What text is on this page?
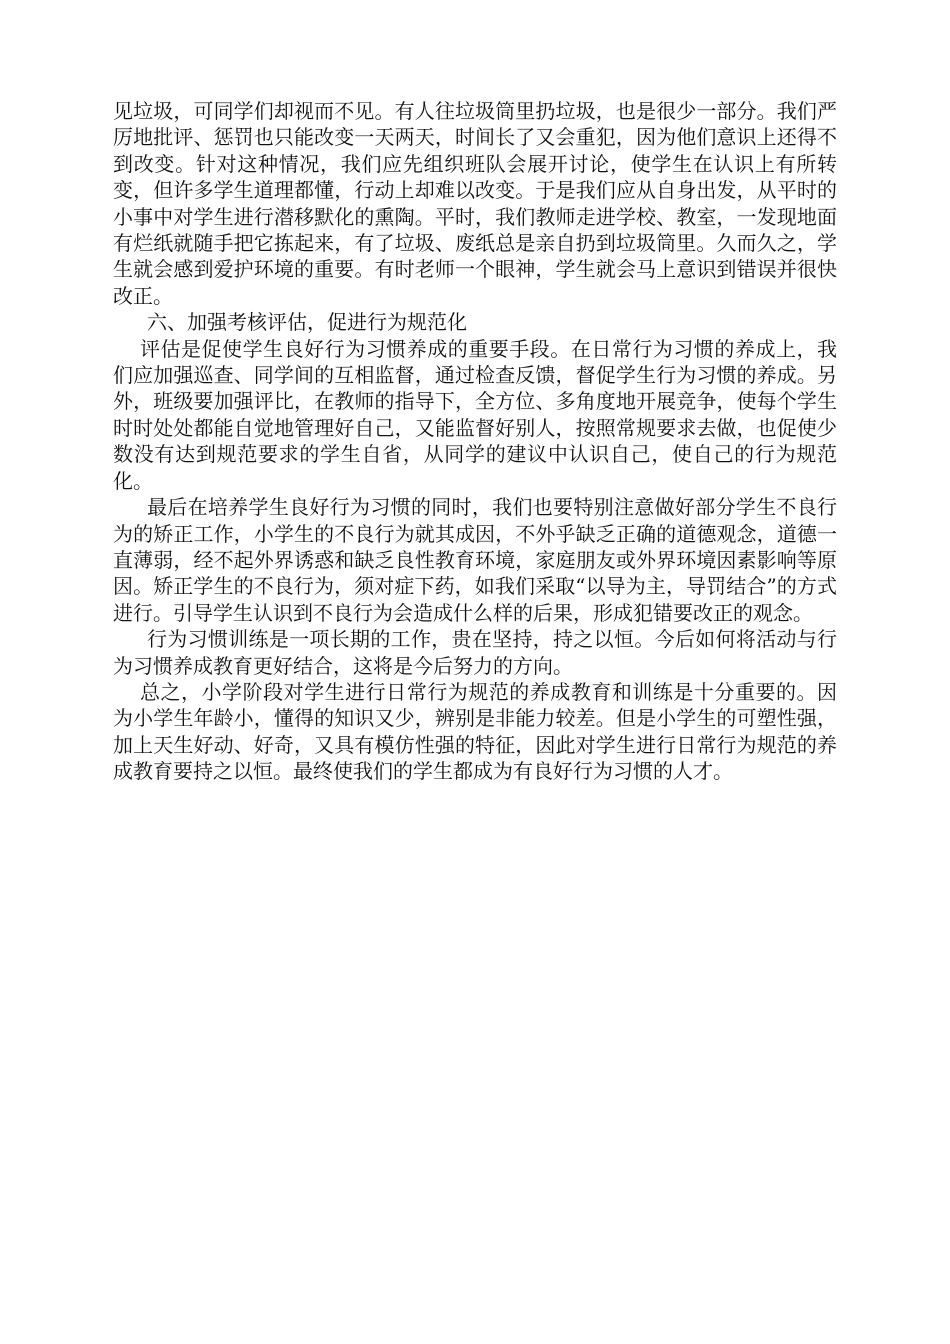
见垃圾，可同学们却视而不见。有人往垃圾筒里扔垃圾，也是很少一部分。我们严厉地批评、惩罚也只能改变一天两天，时间长了又会重犯，因为他们意识上还得不到改变。针对这种情况，我们应先组织班队会展开讨论，使学生在认识上有所转变，但许多学生道理都懂，行动上却难以改变。于是我们应从自身出发，从平时的小事中对学生进行潜移默化的熏陶。平时，我们教师走进学校、教室，一发现地面有烂纸就随手把它拣起来，有了垃圾、废纸总是亲自扔到垃圾筒里。久而久之，学生就会感到爱护环境的重要。有时老师一个眼神，学生就会马上意识到错误并很快改正。

六、加强考核评估，促进行为规范化

评估是促使学生良好行为习惯养成的重要手段。在日常行为习惯的养成上，我们应加强巡查、同学间的互相监督，通过检查反馈，督促学生行为习惯的养成。另外，班级要加强评比，在教师的指导下，全方位、多角度地开展竞争，使每个学生时时处处都能自觉地管理好自己，又能监督好别人，按照常规要求去做，也促使少数没有达到规范要求的学生自省，从同学的建议中认识自己，使自己的行为规范化。

最后在培养学生良好行为习惯的同时，我们也要特别注意做好部分学生不良行为的矫正工作，小学生的不良行为就其成因，不外乎缺乏正确的道德观念，道德一直薄弱，经不起外界诱惑和缺乏良性教育环境，家庭朋友或外界环境因素影响等原因。矫正学生的不良行为，须对症下药，如我们采取“以导为主，导罚结合”的方式进行。引导学生认识到不良行为会造成什么样的后果，形成犯错要改正的观念。

行为习惯训练是一项长期的工作，贵在坚持，持之以恒。今后如何将活动与行为习惯养成教育更好结合，这将是今后努力的方向。

总之，小学阶段对学生进行日常行为规范的养成教育和训练是十分重要的。因为小学生年龄小，懂得的知识又少，辨别是非能力较差。但是小学生的可塑性强，加上天生好动、好奇，又具有模仿性强的特征，因此对学生进行日常行为规范的养成教育要持之以恒。最终使我们的学生都成为有良好行为习惯的人才。
